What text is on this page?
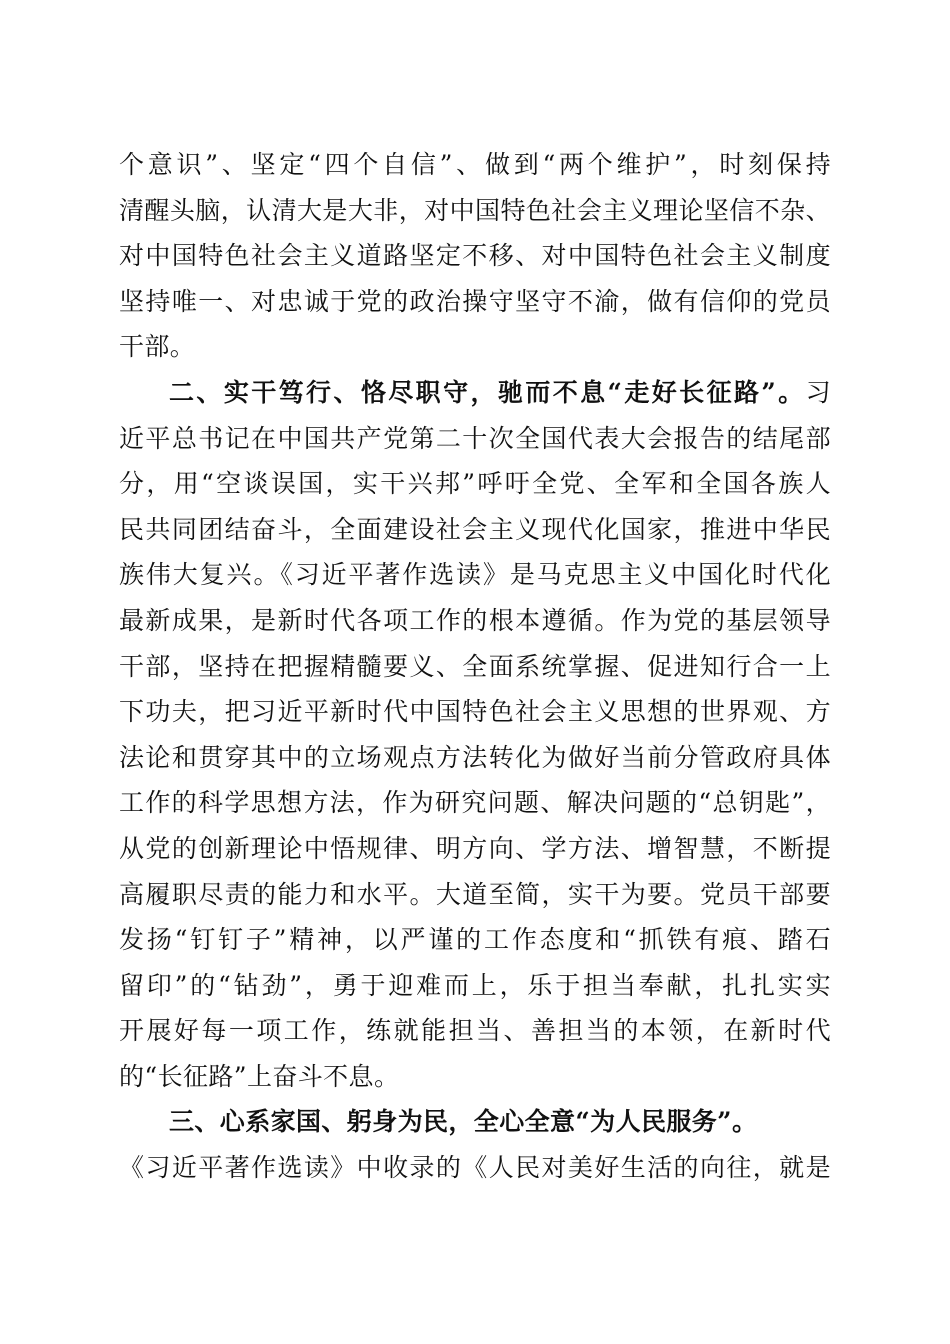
个意识”、坚定“四个自信”、做到“两个维护”，时刻保持
清醒头脑，认清大是大非，对中国特色社会主义理论坚信不杂、
对中国特色社会主义道路坚定不移、对中国特色社会主义制度
坚持唯一、对忠诚于党的政治操守坚守不渝，做有信仰的党员
干部。
二、实干笃行、恪尽职守，驰而不息“走好长征路”。习
近平总书记在中国共产党第二十次全国代表大会报告的结尾部
分，用“空谈误国，实干兴邦”呼吁全党、全军和全国各族人
民共同团结奋斗，全面建设社会主义现代化国家，推进中华民
族伟大复兴。《习近平著作选读》是马克思主义中国化时代化
最新成果，是新时代各项工作的根本遵循。作为党的基层领导
干部，坚持在把握精髓要义、全面系统掌握、促进知行合一上
下功夫，把习近平新时代中国特色社会主义思想的世界观、方
法论和贯穿其中的立场观点方法转化为做好当前分管政府具体
工作的科学思想方法，作为研究问题、解决问题的“总钥匙”，
从党的创新理论中悟规律、明方向、学方法、增智慧，不断提
高履职尽责的能力和水平。大道至简，实干为要。党员干部要
发扬“钉钉子”精神，以严谨的工作态度和“抓铁有痕、踏石
留印”的“钻劲”，勇于迎难而上，乐于担当奉献，扎扎实实
开展好每一项工作，练就能担当、善担当的本领，在新时代
的“长征路”上奋斗不息。
三、心系家国、躬身为民，全心全意“为人民服务”。
《习近平著作选读》中收录的《人民对美好生活的向往，就是
